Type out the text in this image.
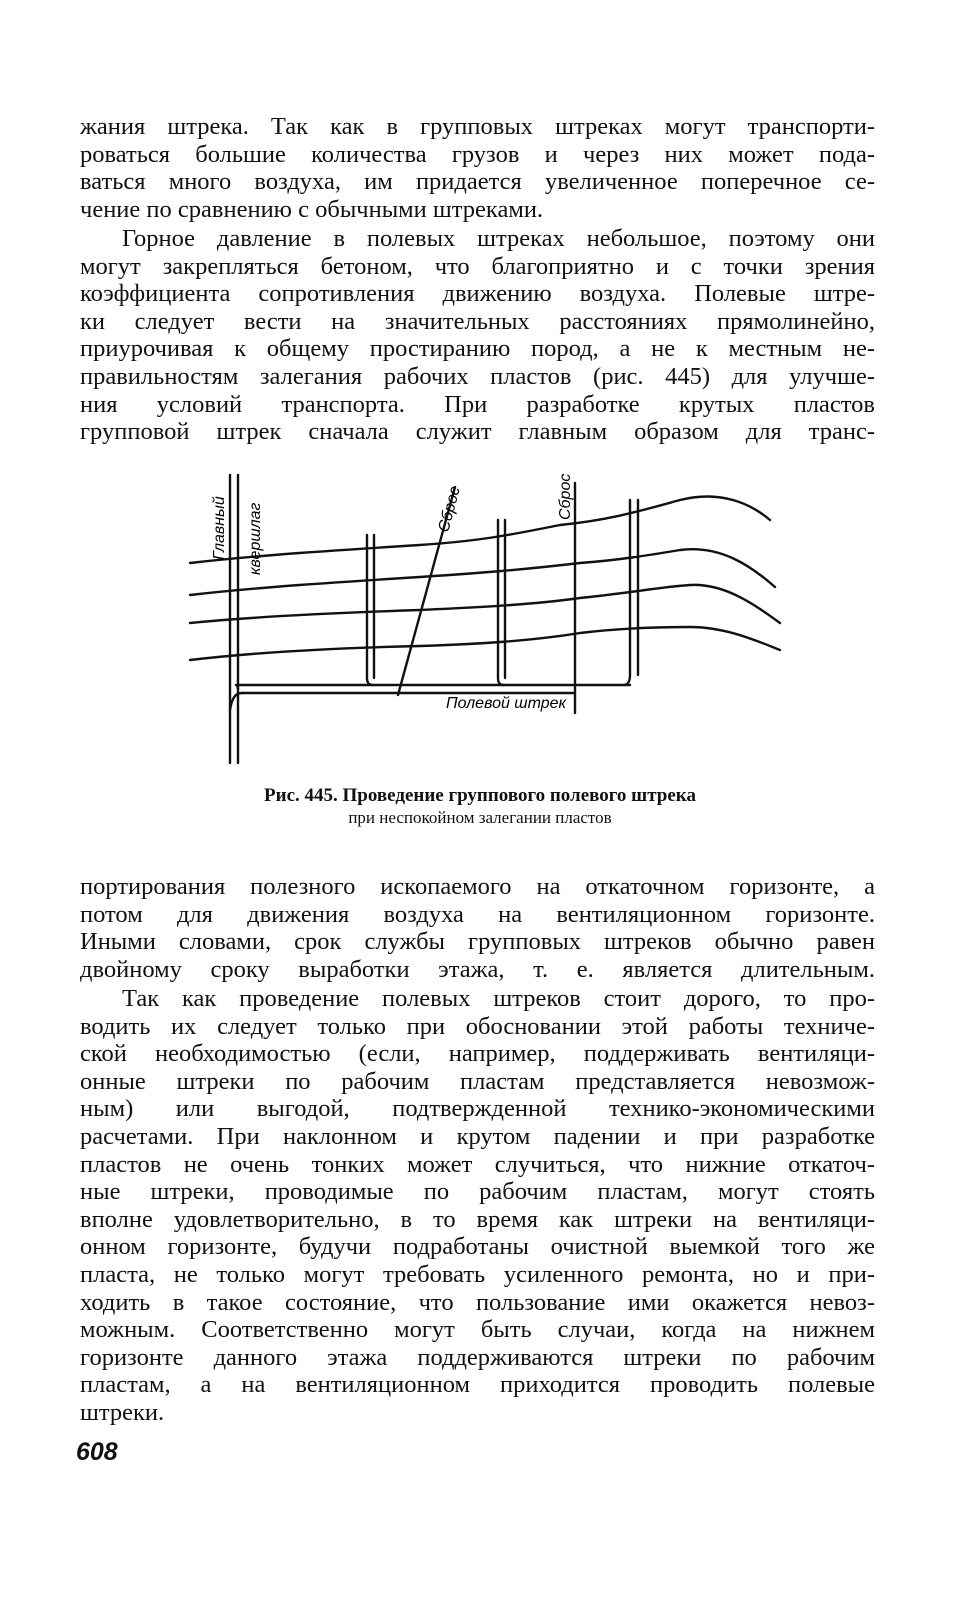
жания штрека. Так как в групповых штреках могут транспорти-
роваться большие количества грузов и через них может пода-
ваться много воздуха, им придается увеличенное поперечное се-
чение по сравнению с обычными штреками.

Горное давление в полевых штреках небольшое, поэтому они
могут закрепляться бетоном, что благоприятно и с точки зрения
коэффициента сопротивления движению воздуха. Полевые штре-
ки следует вести на значительных расстояниях прямолинейно,
приурочивая к общему простиранию пород, а не к местным не-
правильностям залегания рабочих пластов (рис. 445) для улучше-
ния условий транспорта. При разработке крутых пластов
групповой штрек сначала служит главным образом для транс-

Главный квершлаг	Сброс	Сброс
Полевой штрек
Рис. 445. Проведение группового полевого штрека
при неспокойном залегании пластов

портирования полезного ископаемого на откаточном горизонте, а
потом для движения воздуха на вентиляционном горизонте.
Иными словами, срок службы групповых штреков обычно равен
двойному сроку выработки этажа, т. е. является длительным.

Так как проведение полевых штреков стоит дорого, то про-
водить их следует только при обосновании этой работы техниче-
ской необходимостью (если, например, поддерживать вентиляци-
онные штреки по рабочим пластам представляется невозмож-
ным) или выгодой, подтвержденной технико-экономическими
расчетами. При наклонном и крутом падении и при разработке
пластов не очень тонких может случиться, что нижние откаточ-
ные штреки, проводимые по рабочим пластам, могут стоять
вполне удовлетворительно, в то время как штреки на вентиляци-
онном горизонте, будучи подработаны очистной выемкой того же
пласта, не только могут требовать усиленного ремонта, но и при-
ходить в такое состояние, что пользование ими окажется невоз-
можным. Соответственно могут быть случаи, когда на нижнем
горизонте данного этажа поддерживаются штреки по рабочим
пластам, а на вентиляционном приходится проводить полевые
штреки.

608
